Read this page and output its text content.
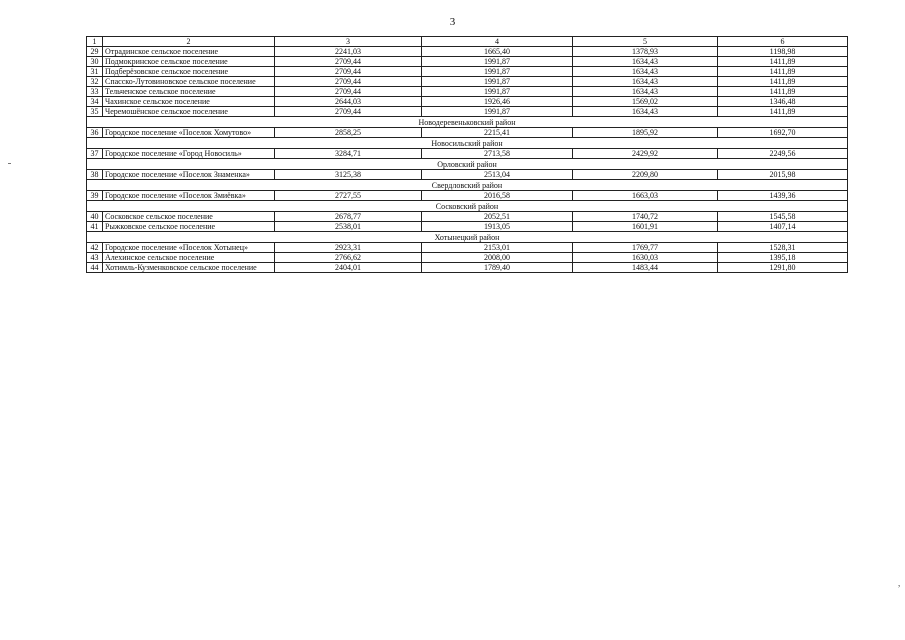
3
1	2	3	4	5	6
29	Отрадинское сельское поселение	2241,03	1665,40	1378,93	1198,98
30	Подмокринское сельское поселение	2709,44	1991,87	1634,43	1411,89
31	Подберёзовское сельское поселение	2709,44	1991,87	1634,43	1411,89
32	Спасско-Лутовиновское сельское поселение	2709,44	1991,87	1634,43	1411,89
33	Тельченское сельское поселение	2709,44	1991,87	1634,43	1411,89
34	Чахинское сельское поселение	2644,03	1926,46	1569,02	1346,48
35	Черемошёнское сельское поселение	2709,44	1991,87	1634,43	1411,89
Новодеревеньковский район					
36	Городское поселение «Поселок Хомутово»	2858,25	2215,41	1895,92	1692,70
Новосильский район					
37	Городское поселение «Город Новосиль»	3284,71	2713,58	2429,92	2249,56
Орловский район					
38	Городское поселение «Поселок Знаменка»	3125,38	2513,04	2209,80	2015,98
Свердловский район					
39	Городское поселение «Поселок Змиёвка»	2727,55	2016,58	1663,03	1439,36
Сосковский район					
40	Сосковское сельское поселение	2678,77	2052,51	1740,72	1545,58
41	Рыжковское сельское поселение	2538,01	1913,05	1601,91	1407,14
Хотынецкий район					
42	Городское поселение «Поселок Хотынец»	2923,31	2153,01	1769,77	1528,31
43	Алехинское сельское поселение	2766,62	2008,00	1630,03	1395,18
44	Хотимль-Кузменковское сельское поселение	2404,01	1789,40	1483,44	1291,80
,
